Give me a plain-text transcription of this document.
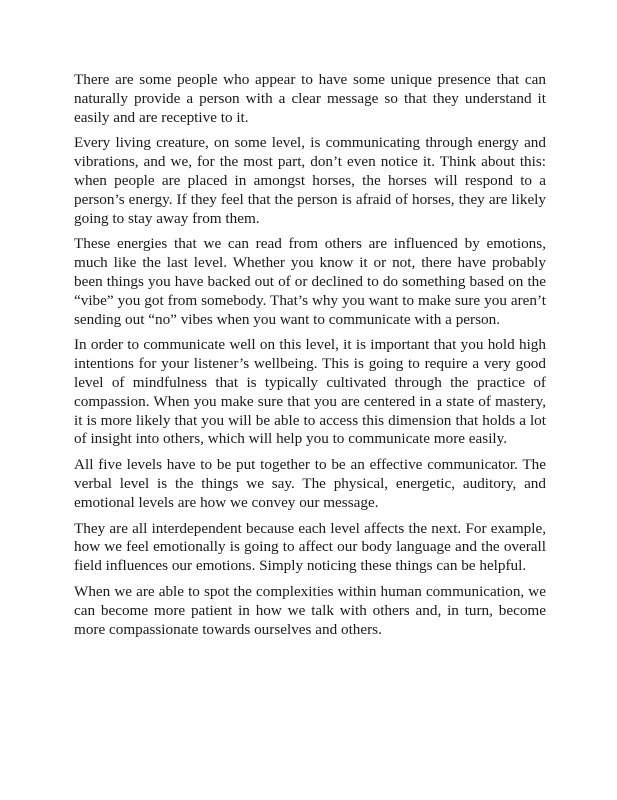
There are some people who appear to have some unique presence that can naturally provide a person with a clear message so that they understand it easily and are receptive to it.

Every living creature, on some level, is communicating through energy and vibrations, and we, for the most part, don’t even notice it. Think about this: when people are placed in amongst horses, the horses will respond to a person’s energy. If they feel that the person is afraid of horses, they are likely going to stay away from them.

These energies that we can read from others are influenced by emotions, much like the last level. Whether you know it or not, there have probably been things you have backed out of or declined to do something based on the “vibe” you got from somebody. That’s why you want to make sure you aren’t sending out “no” vibes when you want to communicate with a person.

In order to communicate well on this level, it is important that you hold high intentions for your listener’s wellbeing. This is going to require a very good level of mindfulness that is typically cultivated through the practice of compassion. When you make sure that you are centered in a state of mastery, it is more likely that you will be able to access this dimension that holds a lot of insight into others, which will help you to communicate more easily.

All five levels have to be put together to be an effective communicator. The verbal level is the things we say. The physical, energetic, auditory, and emotional levels are how we convey our message.

They are all interdependent because each level affects the next. For example, how we feel emotionally is going to affect our body language and the overall field influences our emotions. Simply noticing these things can be helpful.

When we are able to spot the complexities within human communication, we can become more patient in how we talk with others and, in turn, become more compassionate towards ourselves and others.
